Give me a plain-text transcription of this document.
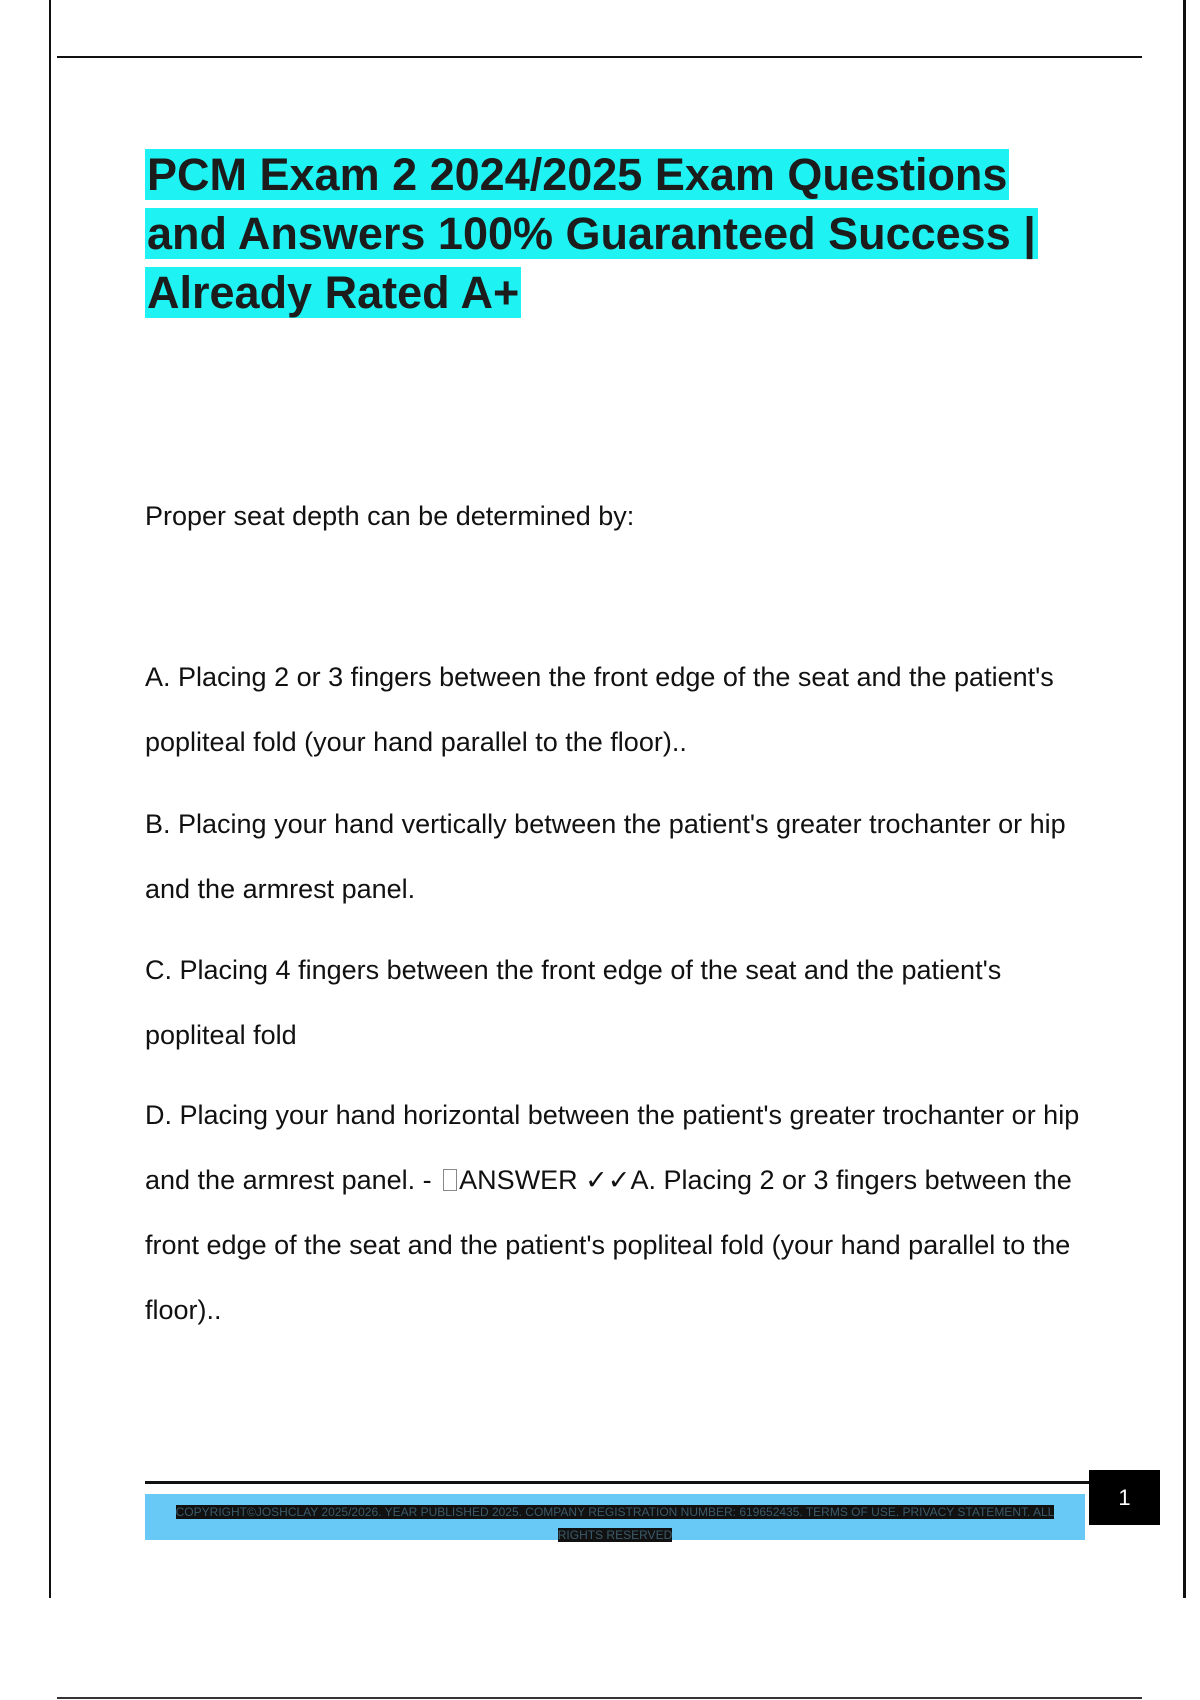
PCM Exam 2 2024/2025 Exam Questions and Answers 100% Guaranteed Success | Already Rated A+

Proper seat depth can be determined by:

A. Placing 2 or 3 fingers between the front edge of the seat and the patient's popliteal fold (your hand parallel to the floor)..

B. Placing your hand vertically between the patient's greater trochanter or hip and the armrest panel.

C. Placing 4 fingers between the front edge of the seat and the patient's popliteal fold

D. Placing your hand horizontal between the patient's greater trochanter or hip and the armrest panel. - ANSWER ✓✓A. Placing 2 or 3 fingers between the front edge of the seat and the patient's popliteal fold (your hand parallel to the floor)..

COPYRIGHT©JOSHCLAY 2025/2026. YEAR PUBLISHED 2025. COMPANY REGISTRATION NUMBER: 619652435. TERMS OF USE. PRIVACY STATEMENT. ALL RIGHTS RESERVED

1
